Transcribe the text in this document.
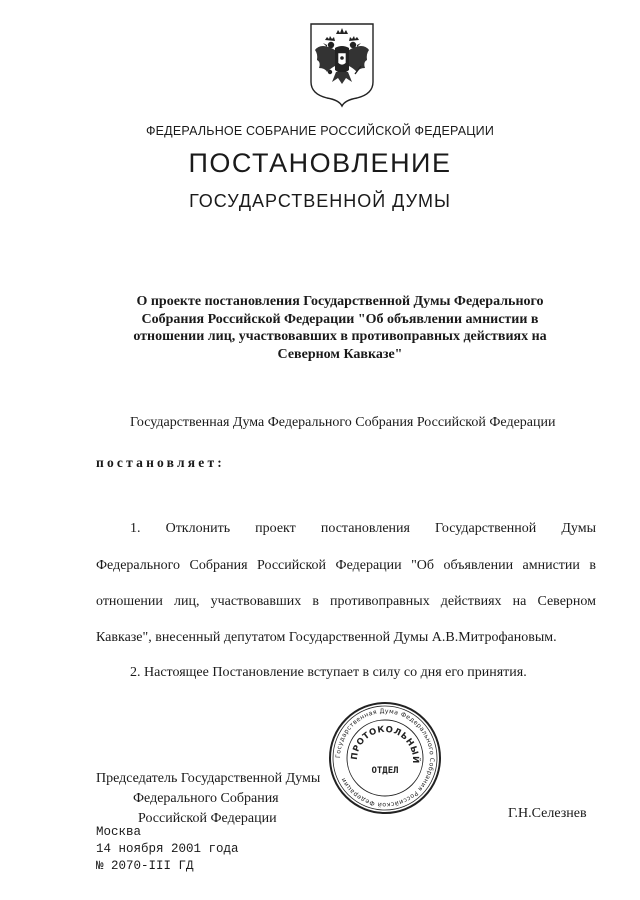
ФЕДЕРАЛЬНОЕ СОБРАНИЕ РОССИЙСКОЙ ФЕДЕРАЦИИ
ПОСТАНОВЛЕНИЕ
ГОСУДАРСТВЕННОЙ ДУМЫ
О проекте постановления Государственной Думы Федерального
Собрания Российской Федерации "Об объявлении амнистии в
отношении лиц, участвовавших в противоправных действиях на
Северном Кавказе"
Государственная Дума Федерального Собрания Российской Федерации
постановляет:
1. Отклонить проект постановления Государственной Думы
Федерального Собрания Российской Федерации "Об объявлении амнистии в
отношении лиц, участвовавших в противоправных действиях на Северном
Кавказе", внесенный депутатом Государственной Думы А.В.Митрофановым.
2. Настоящее Постановление вступает в силу со дня его принятия.
Государственная Дума Федерального Собрания Российской Федерации
ПРОТОКОЛЬНЫЙ
ОТДЕЛ
Председатель Государственной Думы
Федерального Собрания
Российской Федерации	Г.Н.Селезнев
Москва
14 ноября 2001 года
№ 2070-III ГД
